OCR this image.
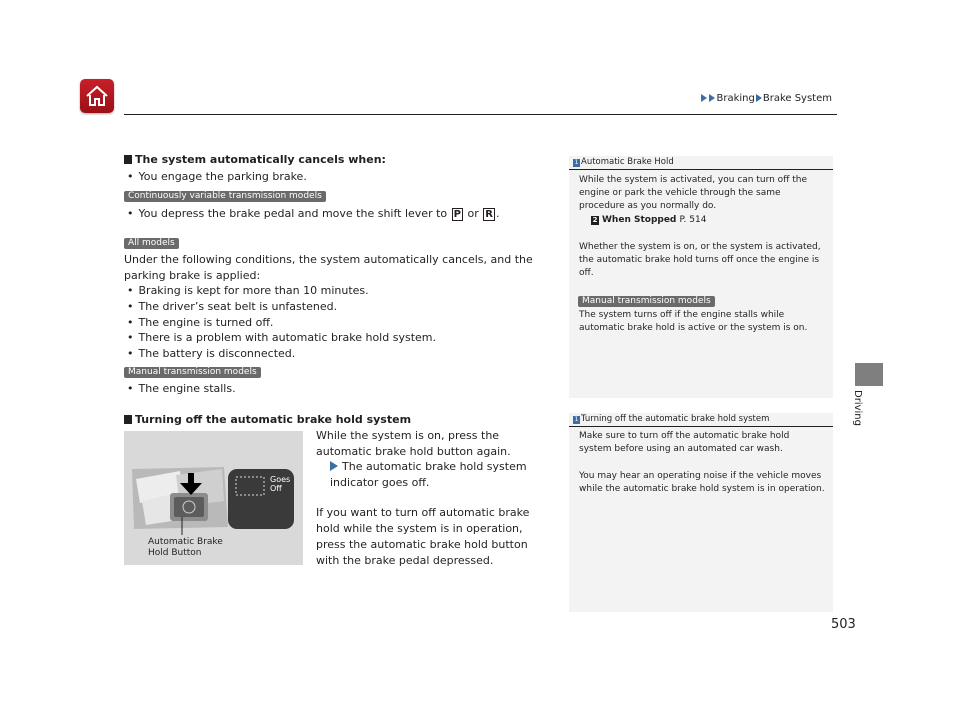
Braking Brake System
Driving
The system automatically cancels when:
• You engage the parking brake.
Continuously variable transmission models
• You depress the brake pedal and move the shift lever to P or R .
All models
Under the following conditions, the system automatically cancels, and the parking brake is applied:
• Braking is kept for more than 10 minutes.
• The driver’s seat belt is unfastened.
• The engine is turned off.
• There is a problem with automatic brake hold system.
• The battery is disconnected.
Manual transmission models
• The engine stalls.
Turning off the automatic brake hold system
Goes
Off
Automatic Brake
Hold Button
While the system is on, press the automatic brake hold button again.
The automatic brake hold system indicator goes off.
If you want to turn off automatic brake hold while the system is in operation, press the automatic brake hold button with the brake pedal depressed.
1 Automatic Brake Hold
While the system is activated, you can turn off the engine or park the vehicle through the same procedure as you normally do.
2 When Stopped P. 514
Whether the system is on, or the system is activated, the automatic brake hold turns off once the engine is off.
Manual transmission models
The system turns off if the engine stalls while automatic brake hold is active or the system is on.
1 Turning off the automatic brake hold system
Make sure to turn off the automatic brake hold system before using an automated car wash.
You may hear an operating noise if the vehicle moves while the automatic brake hold system is in operation.
503
